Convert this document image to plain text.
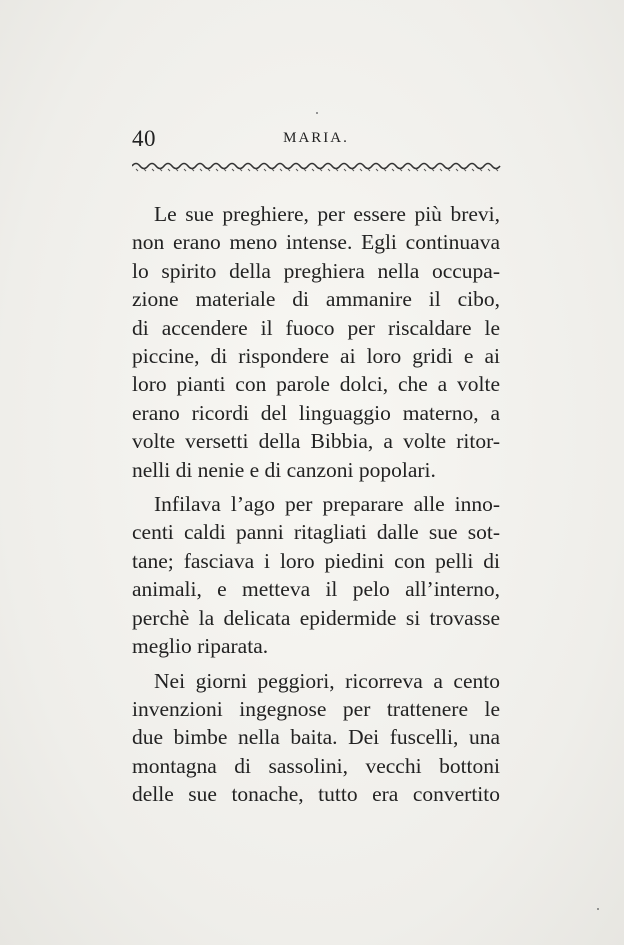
40	MARIA.
Le sue preghiere, per essere più brevi,
non erano meno intense. Egli continuava
lo spirito della preghiera nella occupa-
zione materiale di ammanire il cibo,
di accendere il fuoco per riscaldare le
piccine, di rispondere ai loro gridi e ai
loro pianti con parole dolci, che a volte
erano ricordi del linguaggio materno, a
volte versetti della Bibbia, a volte ritor-
nelli di nenie e di canzoni popolari.
Infilava l’ago per preparare alle inno-
centi caldi panni ritagliati dalle sue sot-
tane; fasciava i loro piedini con pelli di
animali, e metteva il pelo all’interno,
perchè la delicata epidermide si trovasse
meglio riparata.
Nei giorni peggiori, ricorreva a cento
invenzioni ingegnose per trattenere le
due bimbe nella baita. Dei fuscelli, una
montagna di sassolini, vecchi bottoni
delle sue tonache, tutto era convertito
